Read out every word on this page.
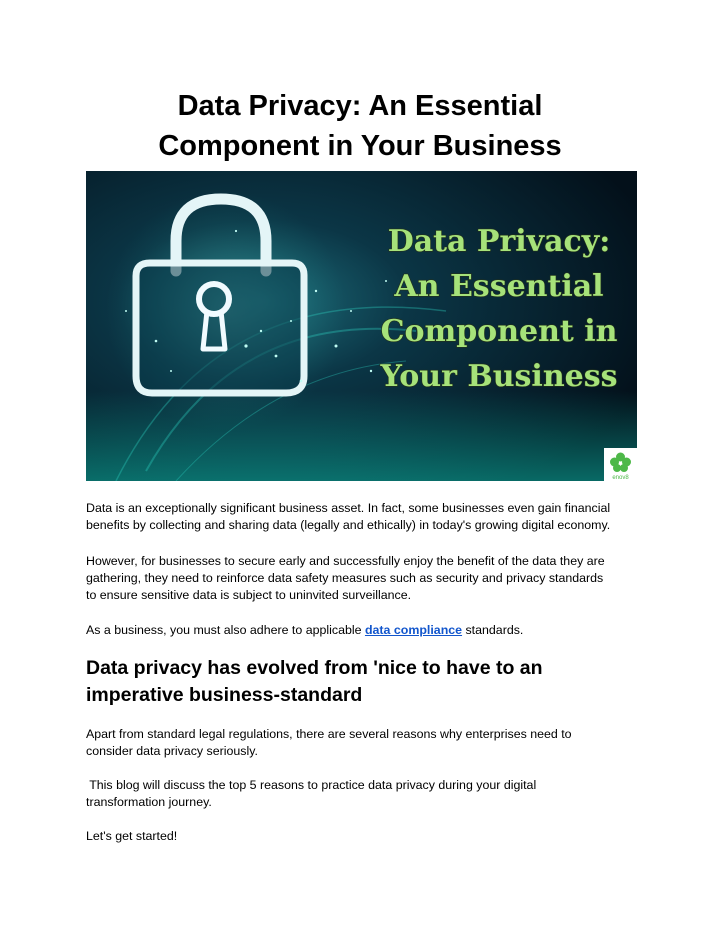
Data Privacy: An Essential
Component in Your Business
Data Privacy:
An Essential
Component in
Your Business
enov8

Data is an exceptionally significant business asset. In fact, some businesses even gain financial
benefits by collecting and sharing data (legally and ethically) in today's growing digital economy.

However, for businesses to secure early and successfully enjoy the benefit of the data they are
gathering, they need to reinforce data safety measures such as security and privacy standards
to ensure sensitive data is subject to uninvited surveillance.

As a business, you must also adhere to applicable data compliance standards.

Data privacy has evolved from 'nice to have to an
imperative business-standard

Apart from standard legal regulations, there are several reasons why enterprises need to
consider data privacy seriously.

This blog will discuss the top 5 reasons to practice data privacy during your digital
transformation journey.

Let's get started!
